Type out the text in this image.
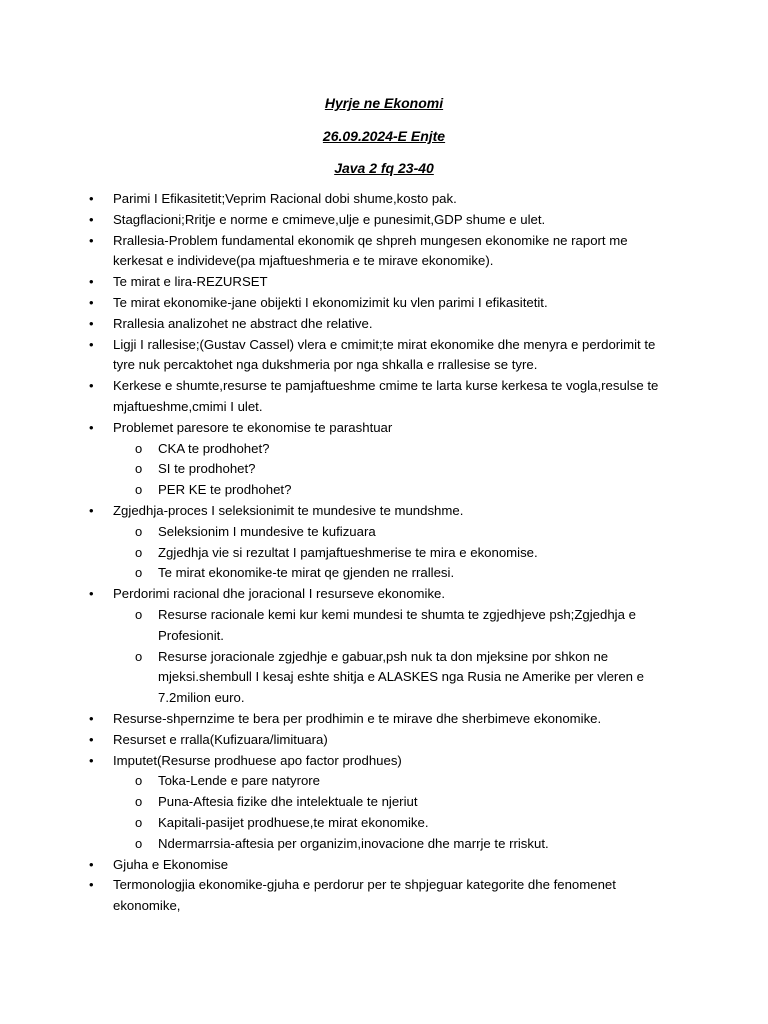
Hyrje ne Ekonomi

26.09.2024-E Enjte

Java 2 fq 23-40

•	Parimi I Efikasitetit;Veprim Racional dobi shume,kosto pak.
•	Stagflacioni;Rritje e norme e cmimeve,ulje e punesimit,GDP shume e ulet.
•	Rrallesia-Problem fundamental ekonomik qe shpreh mungesen ekonomike ne raport me kerkesat e individeve(pa mjaftueshmeria e te mirave ekonomike).
•	Te mirat e lira-REZURSET
•	Te mirat ekonomike-jane obijekti I ekonomizimit ku vlen parimi I efikasitetit.
•	Rrallesia analizohet ne abstract dhe relative.
•	Ligji I rallesise;(Gustav Cassel) vlera e cmimit;te mirat ekonomike dhe menyra e perdorimit te tyre nuk percaktohet nga dukshmeria por nga shkalla e rrallesise se tyre.
•	Kerkese e shumte,resurse te pamjaftueshme cmime te larta kurse kerkesa te vogla,resulse te mjaftueshme,cmimi I ulet.
•	Problemet paresore te ekonomise te parashtuar
o CKA te prodhohet?
o SI te prodhohet?
o PER KE te prodhohet?
•	Zgjedhja-proces I seleksionimit te mundesive te mundshme.
o Seleksionim I mundesive te kufizuara
o Zgjedhja vie si rezultat I pamjaftueshmerise te mira e ekonomise.
o Te mirat ekonomike-te mirat qe gjenden ne rrallesi.
•	Perdorimi racional dhe joracional I resurseve ekonomike.
o Resurse racionale kemi kur kemi mundesi te shumta te zgjedhjeve psh;Zgjedhja e Profesionit.
o Resurse joracionale zgjedhje e gabuar,psh nuk ta don mjeksine por shkon ne mjeksi.shembull I kesaj eshte shitja e ALASKES nga Rusia ne Amerike per vleren e 7.2milion euro.
•	Resurse-shpernzime te bera per prodhimin e te mirave dhe sherbimeve ekonomike.
•	Resurset e rralla(Kufizuara/limituara)
•	Imputet(Resurse prodhuese apo factor prodhues)
o Toka-Lende e pare natyrore
o Puna-Aftesia fizike dhe intelektuale te njeriut
o Kapitali-pasijet prodhuese,te mirat ekonomike.
o Ndermarrsia-aftesia per organizim,inovacione dhe marrje te rriskut.
•	Gjuha e Ekonomise
•	Termonologjia ekonomike-gjuha e perdorur per te shpjeguar kategorite dhe fenomenet ekonomike,
